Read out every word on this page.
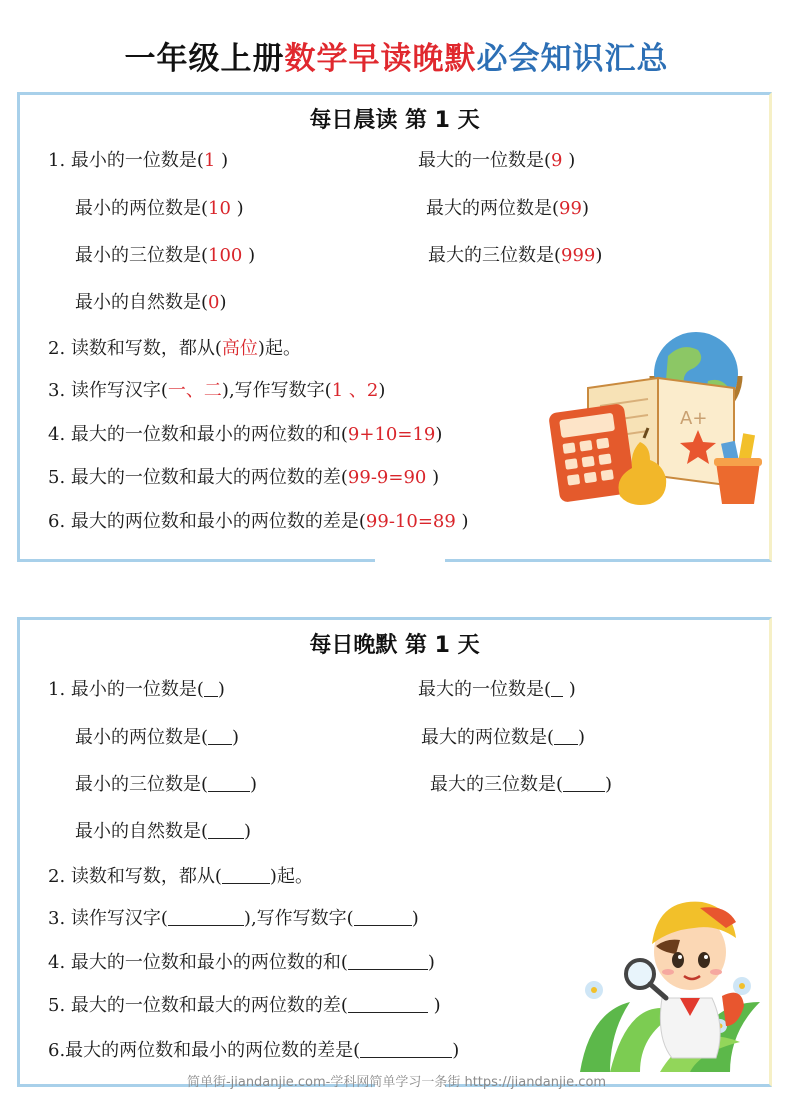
一年级上册数学早读晚默必会知识汇总
每日晨读 第 1 天
1. 最小的一位数是(1 )	最大的一位数是(9 )
最小的两位数是(10 )	最大的两位数是(99)
最小的三位数是(100 )	最大的三位数是(999)
最小的自然数是(0)
2. 读数和写数，都从(高位)起。
3. 读作写汉字(一、二),写作写数字(1 、2)
4. 最大的一位数和最小的两位数的和(9+10=19)
5. 最大的一位数和最大的两位数的差(99-9=90 )
6. 最大的两位数和最小的两位数的差是(99-10=89 )
A+
每日晚默 第 1 天
1. 最小的一位数是( )	最大的一位数是( )
最小的两位数是( )	最大的两位数是( )
最小的三位数是( )	最大的三位数是( )
最小的自然数是( )
2. 读数和写数，都从(	)起。
3. 读作写汉字(	),写作写数字(	)
4. 最大的一位数和最小的两位数的和(	)
5. 最大的一位数和最大的两位数的差(	)
6.最大的两位数和最小的两位数的差是(	)
简单街-jiandanjie.com-学科网简单学习一条街 https://jiandanjie.com
